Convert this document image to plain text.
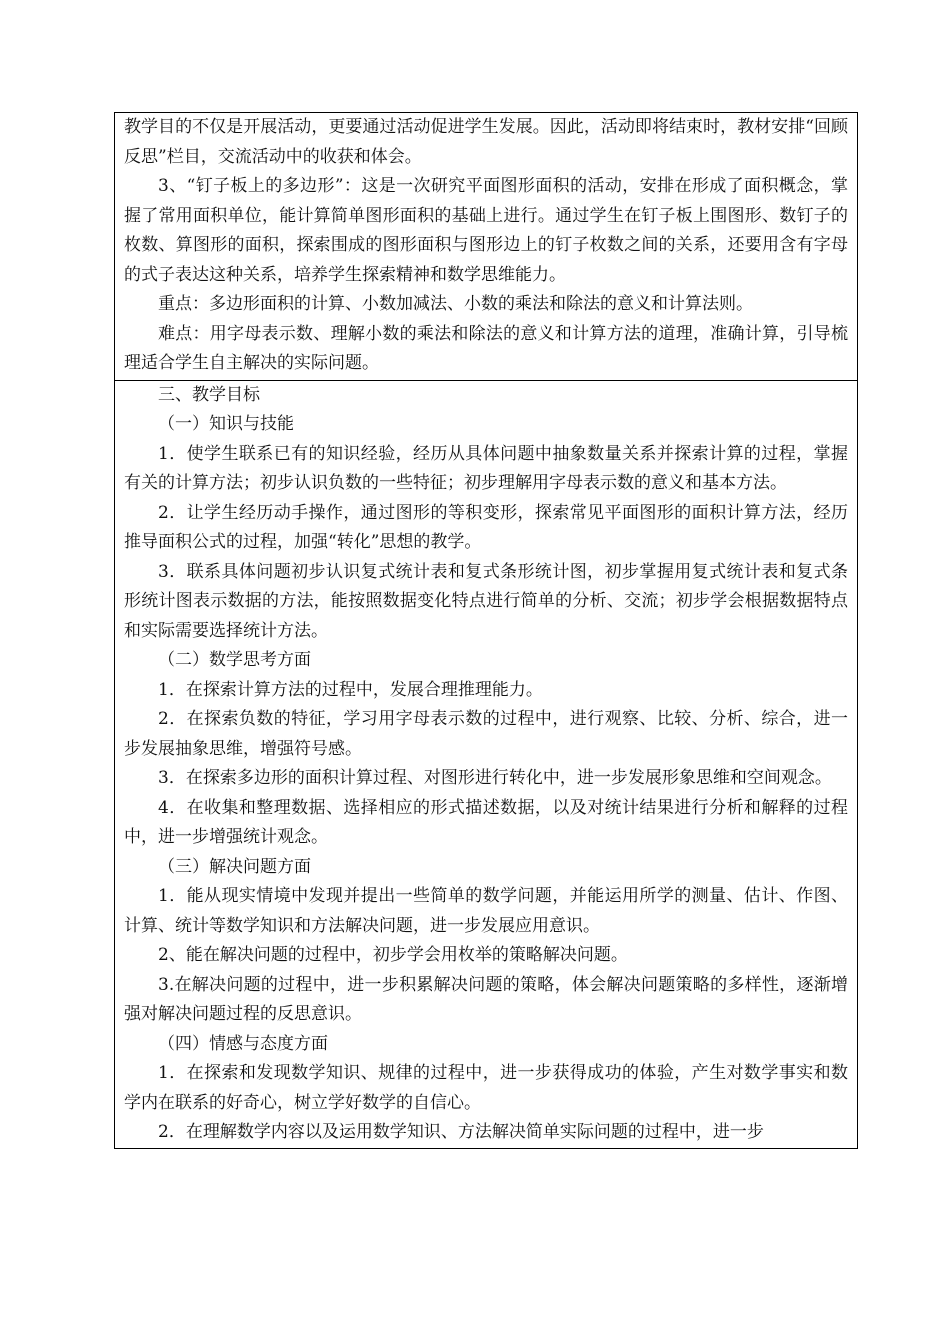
教学目的不仅是开展活动，更要通过活动促进学生发展。因此，活动即将结束时，教材安排“回顾反思”栏目，交流活动中的收获和体会。

3、“钉子板上的多边形”：这是一次研究平面图形面积的活动，安排在形成了面积概念，掌握了常用面积单位，能计算简单图形面积的基础上进行。通过学生在钉子板上围图形、数钉子的枚数、算图形的面积，探索围成的图形面积与图形边上的钉子枚数之间的关系，还要用含有字母的式子表达这种关系，培养学生探索精神和数学思维能力。

重点：多边形面积的计算、小数加减法、小数的乘法和除法的意义和计算法则。

难点：用字母表示数、理解小数的乘法和除法的意义和计算方法的道理，准确计算，引导梳理适合学生自主解决的实际问题。

三、教学目标

（一）知识与技能

1．使学生联系已有的知识经验，经历从具体问题中抽象数量关系并探索计算的过程，掌握有关的计算方法；初步认识负数的一些特征；初步理解用字母表示数的意义和基本方法。

2．让学生经历动手操作，通过图形的等积变形，探索常见平面图形的面积计算方法，经历推导面积公式的过程，加强“转化”思想的教学。

3．联系具体问题初步认识复式统计表和复式条形统计图，初步掌握用复式统计表和复式条形统计图表示数据的方法，能按照数据变化特点进行简单的分析、交流；初步学会根据数据特点和实际需要选择统计方法。

（二）数学思考方面

1．在探索计算方法的过程中，发展合理推理能力。

2．在探索负数的特征，学习用字母表示数的过程中，进行观察、比较、分析、综合，进一步发展抽象思维，增强符号感。

3．在探索多边形的面积计算过程、对图形进行转化中，进一步发展形象思维和空间观念。

4．在收集和整理数据、选择相应的形式描述数据，以及对统计结果进行分析和解释的过程中，进一步增强统计观念。

（三）解决问题方面

1．能从现实情境中发现并提出一些简单的数学问题，并能运用所学的测量、估计、作图、计算、统计等数学知识和方法解决问题，进一步发展应用意识。

2、能在解决问题的过程中，初步学会用枚举的策略解决问题。

3.在解决问题的过程中，进一步积累解决问题的策略，体会解决问题策略的多样性，逐渐增强对解决问题过程的反思意识。

（四）情感与态度方面

1．在探索和发现数学知识、规律的过程中，进一步获得成功的体验，产生对数学事实和数学内在联系的好奇心，树立学好数学的自信心。

2．在理解数学内容以及运用数学知识、方法解决简单实际问题的过程中，进一步
